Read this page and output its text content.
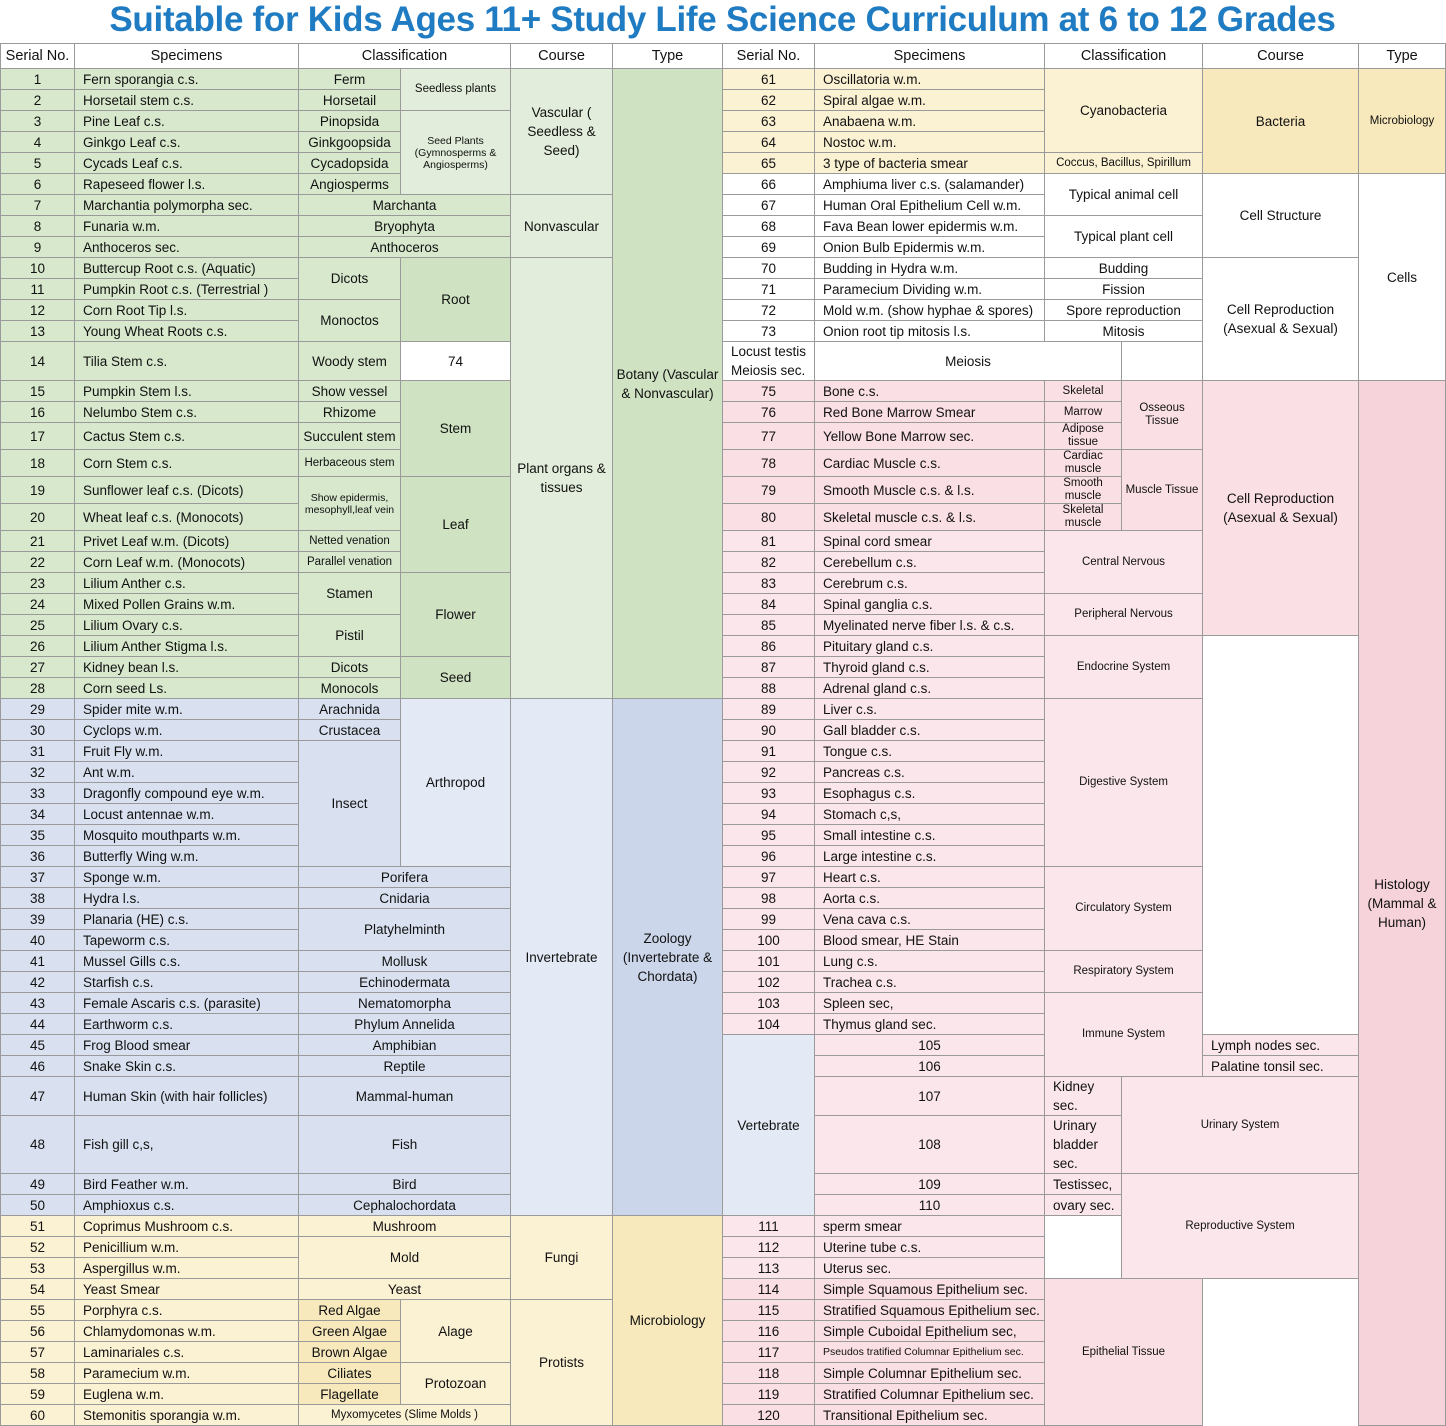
Suitable for Kids Ages 11+ Study Life Science Curriculum at 6 to 12 Grades
Serial No.	Specimens	Classification		Course	Type	Serial No.	Specimens	Classification		Course	Type
1	Fern sporangia c.s.	Ferm	Seedless plants	Vascular ( Seedless & Seed)	Botany (Vascular & Nonvascular)	61	Oscillatoria w.m.	Cyanobacteria		Bacteria	Microbiology
2	Horsetail stem c.s.	Horsetail				62	Spiral algae w.m.				
3	Pine Leaf c.s.	Pinopsida	Seed Plants (Gymnosperms & Angiosperms)			63	Anabaena w.m.				
4	Ginkgo Leaf c.s.	Ginkgoopsida				64	Nostoc w.m.				
5	Cycads Leaf c.s.	Cycadopsida				65	3 type of bacteria smear	Coccus, Bacillus, Spirillum			
6	Rapeseed flower l.s.	Angiosperms				66	Amphiuma liver c.s. (salamander)	Typical animal cell		Cell Structure	Cells
7	Marchantia polymorpha sec.	Marchanta		Nonvascular		67	Human Oral Epithelium Cell w.m.				
8	Funaria w.m.	Bryophyta				68	Fava Bean lower epidermis w.m.	Typical plant cell			
9	Anthoceros sec.	Anthoceros				69	Onion Bulb Epidermis w.m.				
10	Buttercup Root c.s. (Aquatic)	Dicots	Root	Plant organs & tissues		70	Budding in Hydra w.m.	Budding		Cell Reproduction (Asexual & Sexual)	
11	Pumpkin Root c.s. (Terrestrial )					71	Paramecium Dividing w.m.	Fission			
12	Corn Root Tip l.s.	Monoctos				72	Mold w.m. (show hyphae & spores)	Spore reproduction			
13	Young Wheat Roots c.s.					73	Onion root tip mitosis l.s.	Mitosis			
14	Tilia Stem c.s.	Woody stem	74			Locust testis Meiosis sec.	Meiosis				
15	Pumpkin Stem l.s.	Show vessel	Stem			75	Bone c.s.	Skeletal	Osseous Tissue	Cell Reproduction (Asexual & Sexual)	Histology (Mammal & Human)
16	Nelumbo Stem c.s.	Rhizome				76	Red Bone Marrow Smear	Marrow			
17	Cactus Stem c.s.	Succulent stem				77	Yellow Bone Marrow sec.	Adipose tissue			
18	Corn Stem c.s.	Herbaceous stem				78	Cardiac Muscle c.s.	Cardiac muscle	Muscle Tissue		
19	Sunflower leaf c.s. (Dicots)	Show epidermis, mesophyll,leaf vein	Leaf			79	Smooth Muscle c.s. & l.s.	Smooth muscle			
20	Wheat leaf c.s. (Monocots)					80	Skeletal muscle c.s. & l.s.	Skeletal muscle			
21	Privet Leaf w.m. (Dicots)	Netted venation				81	Spinal cord smear	Central Nervous			
22	Corn Leaf w.m. (Monocots)	Parallel venation				82	Cerebellum c.s.				
23	Lilium Anther c.s.	Stamen	Flower			83	Cerebrum c.s.				
24	Mixed Pollen Grains w.m.					84	Spinal ganglia c.s.	Peripheral Nervous			
25	Lilium Ovary c.s.	Pistil				85	Myelinated nerve fiber l.s. & c.s.				
26	Lilium Anther Stigma l.s.					86	Pituitary gland c.s.	Endocrine System			
27	Kidney bean l.s.	Dicots	Seed			87	Thyroid gland c.s.				
28	Corn seed Ls.	Monocols				88	Adrenal gland c.s.				
29	Spider mite w.m.	Arachnida	Arthropod	Invertebrate	Zoology (Invertebrate & Chordata)	89	Liver c.s.	Digestive System			
30	Cyclops w.m.	Crustacea				90	Gall bladder c.s.				
31	Fruit Fly w.m.	Insect				91	Tongue c.s.				
32	Ant w.m.					92	Pancreas c.s.				
33	Dragonfly compound eye w.m.					93	Esophagus c.s.				
34	Locust antennae w.m.					94	Stomach c,s,				
35	Mosquito mouthparts w.m.					95	Small intestine c.s.				
36	Butterfly Wing w.m.					96	Large intestine c.s.				
37	Sponge w.m.	Porifera				97	Heart c.s.	Circulatory System			
38	Hydra l.s.	Cnidaria				98	Aorta c.s.				
39	Planaria (HE) c.s.	Platyhelminth				99	Vena cava c.s.				
40	Tapeworm c.s.					100	Blood smear, HE Stain				
41	Mussel Gills c.s.	Mollusk				101	Lung c.s.	Respiratory System			
42	Starfish c.s.	Echinodermata				102	Trachea c.s.				
43	Female Ascaris c.s. (parasite)	Nematomorpha				103	Spleen sec,	Immune System			
44	Earthworm c.s.	Phylum Annelida				104	Thymus gland sec.				
45	Frog Blood smear	Amphibian				Vertebrate	105			Lymph nodes sec.	
46	Snake Skin c.s.	Reptile					106			Palatine tonsil sec.	
47	Human Skin (with hair follicles)	Mammal-human					107	Kidney sec.	Urinary System		
48	Fish gill c,s,	Fish					108	Urinary bladder sec.			
49	Bird Feather w.m.	Bird					109	Testissec,	Reproductive System		
50	Amphioxus c.s.	Cephalochordata					110	ovary sec.			
51	Coprimus Mushroom c.s.	Mushroom		Fungi	Microbiology	111	sperm smear				
52	Penicillium w.m.	Mold				112	Uterine tube c.s.				
53	Aspergillus w.m.					113	Uterus sec.				
54	Yeast Smear	Yeast				114	Simple Squamous Epithelium sec.	Epithelial Tissue			
55	Porphyra c.s.	Red Algae	Alage	Protists		115	Stratified Squamous Epithelium sec.				
56	Chlamydomonas w.m.	Green Algae				116	Simple Cuboidal Epithelium sec,				
57	Laminariales c.s.	Brown Algae				117	Pseudos tratified Columnar Epithelium sec.				
58	Paramecium w.m.	Ciliates	Protozoan			118	Simple Columnar Epithelium sec.				
59	Euglena w.m.	Flagellate				119	Stratified Columnar Epithelium sec.				
60	Stemonitis sporangia w.m.	Myxomycetes (Slime Molds )				120	Transitional Epithelium sec.				
